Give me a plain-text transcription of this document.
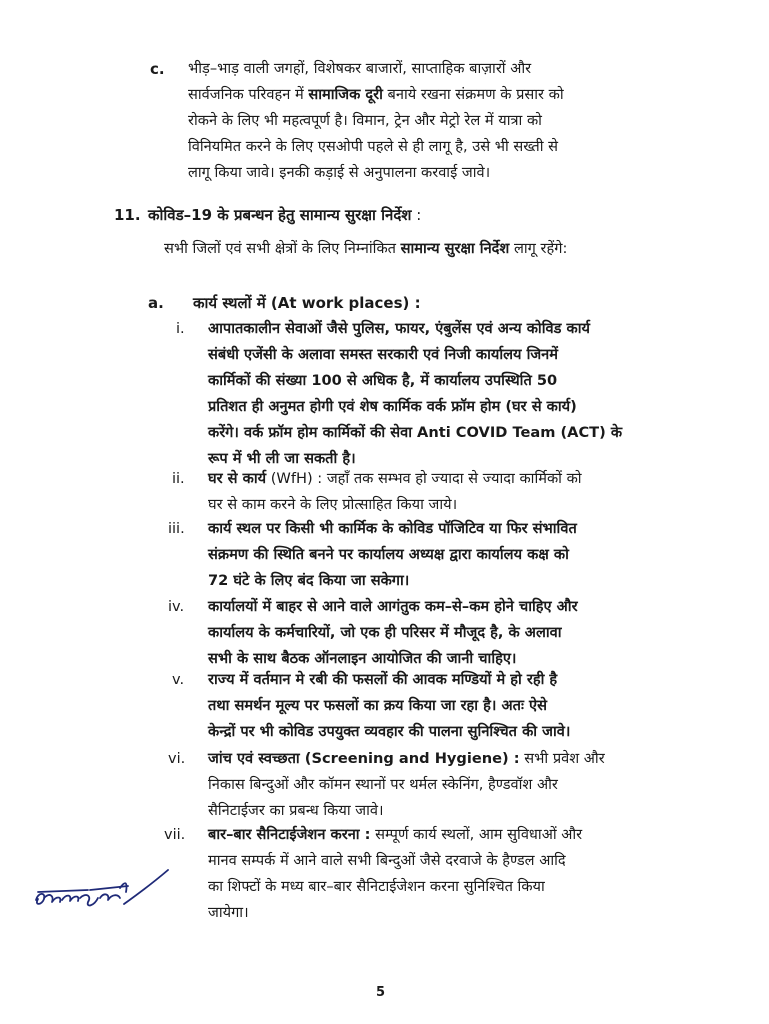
c. भीड़–भाड़ वाली जगहों, विशेषकर बाजारों, साप्ताहिक बाज़ारों और
सार्वजनिक परिवहन में सामाजिक दूरी बनाये रखना संक्रमण के प्रसार को
रोकने के लिए भी महत्वपूर्ण है। विमान, ट्रेन और मेट्रो रेल में यात्रा को
विनियमित करने के लिए एसओपी पहले से ही लागू है, उसे भी सख्ती से
लागू किया जावे। इनकी कड़ाई से अनुपालना करवाई जावे।
11. कोविड–19 के प्रबन्धन हेतु सामान्य सुरक्षा निर्देश :
सभी जिलों एवं सभी क्षेत्रों के लिए निम्नांकित सामान्य सुरक्षा निर्देश लागू रहेंगे:
a. कार्य स्थलों में (At work places) :
i. आपातकालीन सेवाओं जैसे पुलिस, फायर, एंबुलेंस एवं अन्य कोविड कार्य
संबंधी एजेंसी के अलावा समस्त सरकारी एवं निजी कार्यालय जिनमें
कार्मिकों की संख्या 100 से अधिक है, में कार्यालय उपस्थिति 50
प्रतिशत ही अनुमत होगी एवं शेष कार्मिक वर्क फ्रॉम होम (घर से कार्य)
करेंगे। वर्क फ्रॉम होम कार्मिकों की सेवा Anti COVID Team (ACT) के
रूप में भी ली जा सकती है।
ii. घर से कार्य (WfH) : जहाँ तक सम्भव हो ज्यादा से ज्यादा कार्मिकों को
घर से काम करने के लिए प्रोत्साहित किया जाये।
iii. कार्य स्थल पर किसी भी कार्मिक के कोविड पॉजिटिव या फिर संभावित
संक्रमण की स्थिति बनने पर कार्यालय अध्यक्ष द्वारा कार्यालय कक्ष को
72 घंटे के लिए बंद किया जा सकेगा।
iv. कार्यालयों में बाहर से आने वाले आगंतुक कम–से–कम होने चाहिए और
कार्यालय के कर्मचारियों, जो एक ही परिसर में मौजूद है, के अलावा
सभी के साथ बैठक ऑनलाइन आयोजित की जानी चाहिए।
v. राज्य में वर्तमान मे रबी की फसलों की आवक मण्डियों मे हो रही है
तथा समर्थन मूल्य पर फसलों का क्रय किया जा रहा है। अतः ऐसे
केन्द्रों पर भी कोविड उपयुक्त व्यवहार की पालना सुनिश्चित की जावे।
vi. जांच एवं स्वच्छता (Screening and Hygiene) : सभी प्रवेश और
निकास बिन्दुओं और कॉमन स्थानों पर थर्मल स्केनिंग, हैण्डवॉश और
सैनिटाईजर का प्रबन्ध किया जावे।
vii. बार–बार सैनिटाईजेशन करना : सम्पूर्ण कार्य स्थलों, आम सुविधाओं और
मानव सम्पर्क में आने वाले सभी बिन्दुओं जैसे दरवाजे के हैण्डल आदि
का शिफ्टों के मध्य बार–बार सैनिटाईजेशन करना सुनिश्चित किया
जायेगा।
5
